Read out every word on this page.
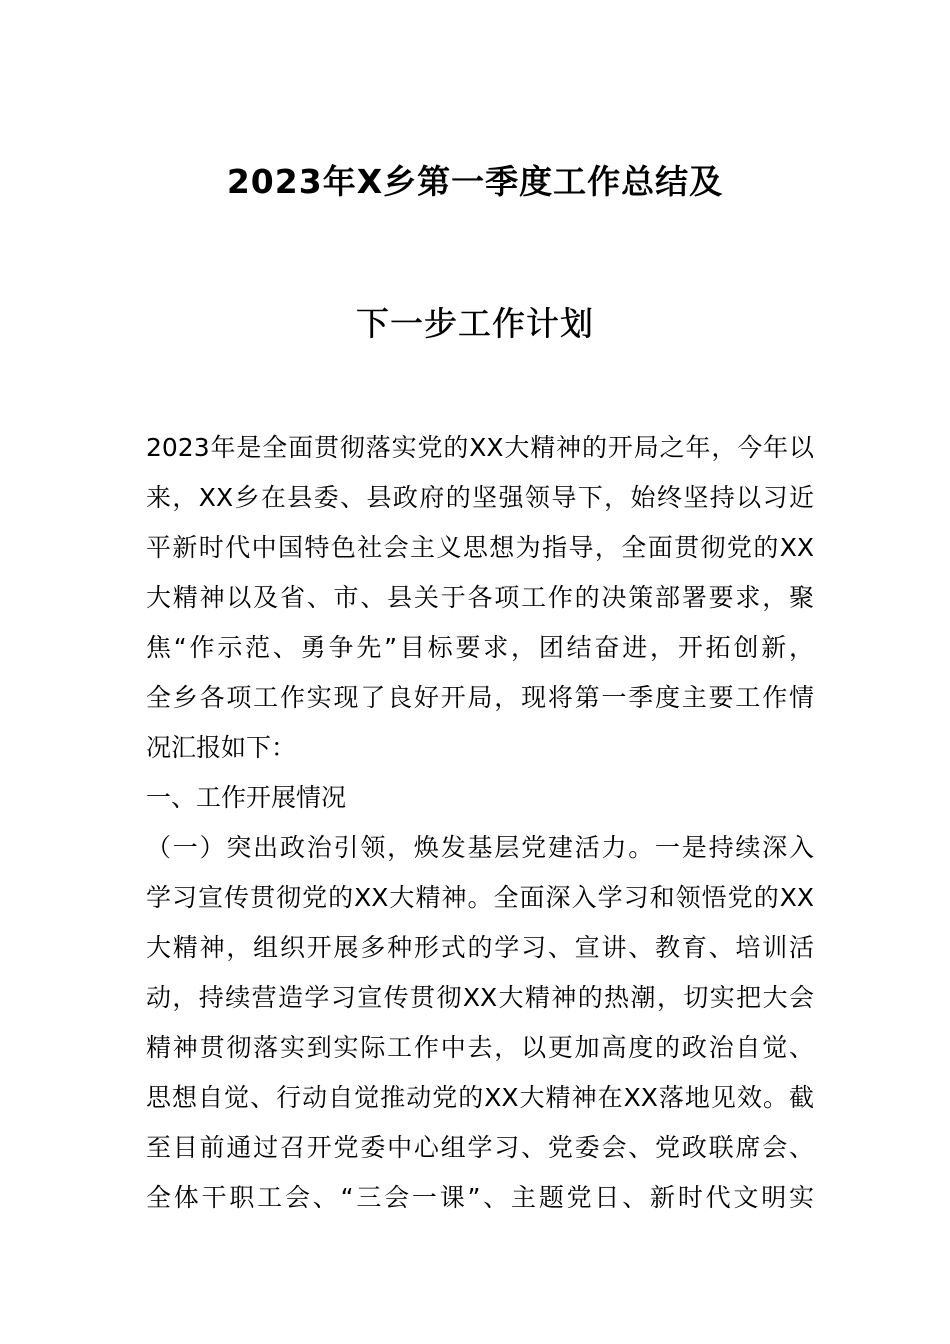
2023年X乡第一季度工作总结及
下一步工作计划
2023年是全面贯彻落实党的XX大精神的开局之年，今年以
来，XX乡在县委、县政府的坚强领导下，始终坚持以习近
平新时代中国特色社会主义思想为指导，全面贯彻党的XX
大精神以及省、市、县关于各项工作的决策部署要求，聚
焦“作示范、勇争先”目标要求，团结奋进，开拓创新，
全乡各项工作实现了良好开局，现将第一季度主要工作情
况汇报如下：
一、工作开展情况
（一）突出政治引领，焕发基层党建活力。一是持续深入
学习宣传贯彻党的XX大精神。全面深入学习和领悟党的XX
大精神，组织开展多种形式的学习、宣讲、教育、培训活
动，持续营造学习宣传贯彻XX大精神的热潮，切实把大会
精神贯彻落实到实际工作中去，以更加高度的政治自觉、
思想自觉、行动自觉推动党的XX大精神在XX落地见效。截
至目前通过召开党委中心组学习、党委会、党政联席会、
全体干职工会、“三会一课”、主题党日、新时代文明实
